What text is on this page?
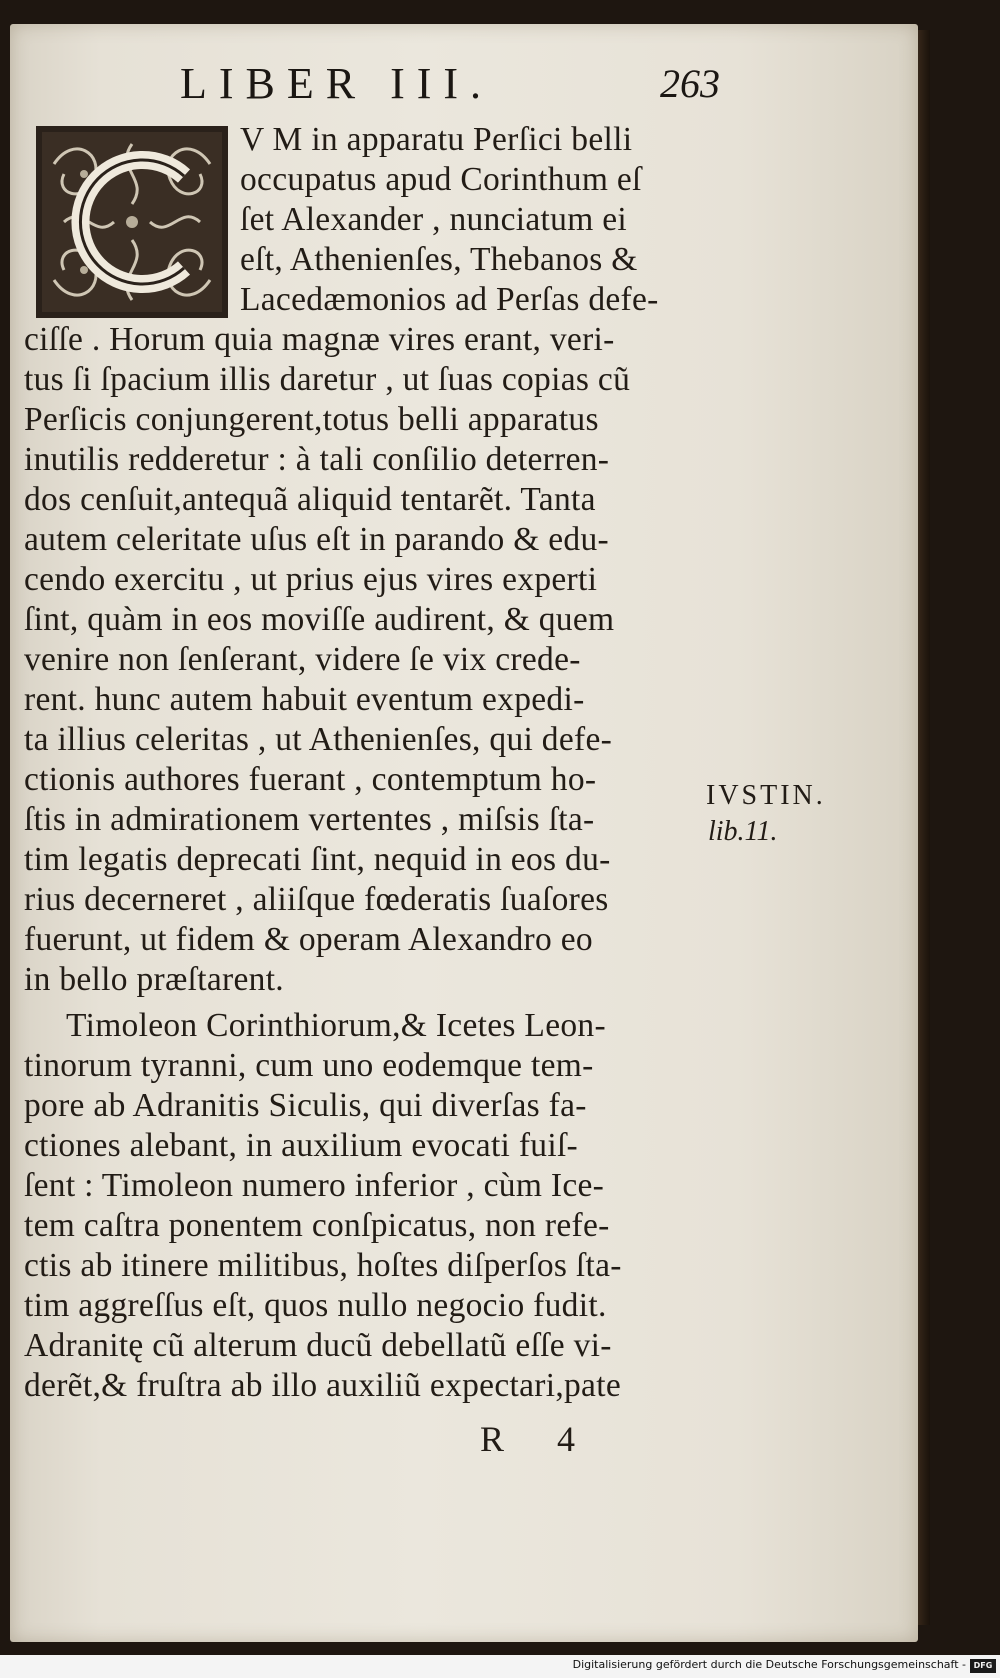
LIBER III.	263
V M in apparatu Perſici belli
occupatus apud Corinthum eſ
ſet Alexander , nunciatum ei
eſt, Athenienſes, Thebanos &
Lacedæmonios ad Perſas defe-
ciſſe . Horum quia magnæ vires erant, veri-
tus ſi ſpacium illis daretur , ut ſuas copias cũ
Perſicis conjungerent,totus belli apparatus
inutilis redderetur : à tali conſilio deterren-
dos cenſuit,antequã aliquid tentarẽt. Tanta
autem celeritate uſus eſt in parando & edu-
cendo exercitu , ut prius ejus vires experti
ſint, quàm in eos moviſſe audirent, & quem
venire non ſenſerant, videre ſe vix crede-
rent. hunc autem habuit eventum expedi-
ta illius celeritas , ut Athenienſes, qui defe-
ctionis authores fuerant , contemptum ho-
ſtis in admirationem vertentes , miſsis ſta-
tim legatis deprecati ſint, nequid in eos du-
rius decerneret , aliiſque fœderatis ſuaſores
fuerunt, ut fidem & operam Alexandro eo
in bello præſtarent.
Timoleon Corinthiorum,& Icetes Leon-
tinorum tyranni, cum uno eodemque tem-
pore ab Adranitis Siculis, qui diverſas fa-
ctiones alebant, in auxilium evocati fuiſ-
ſent : Timoleon numero inferior , cùm Ice-
tem caſtra ponentem conſpicatus, non refe-
ctis ab itinere militibus, hoſtes diſperſos ſta-
tim aggreſſus eſt, quos nullo negocio fudit.
Adranitę cũ alterum ducũ debellatũ eſſe vi-
derẽt,& fruſtra ab illo auxiliũ expectari,pate
IVSTIN.
lib.11.
R 4
Digitalisierung gefördert durch die Deutsche Forschungsgemeinschaft - DFG
